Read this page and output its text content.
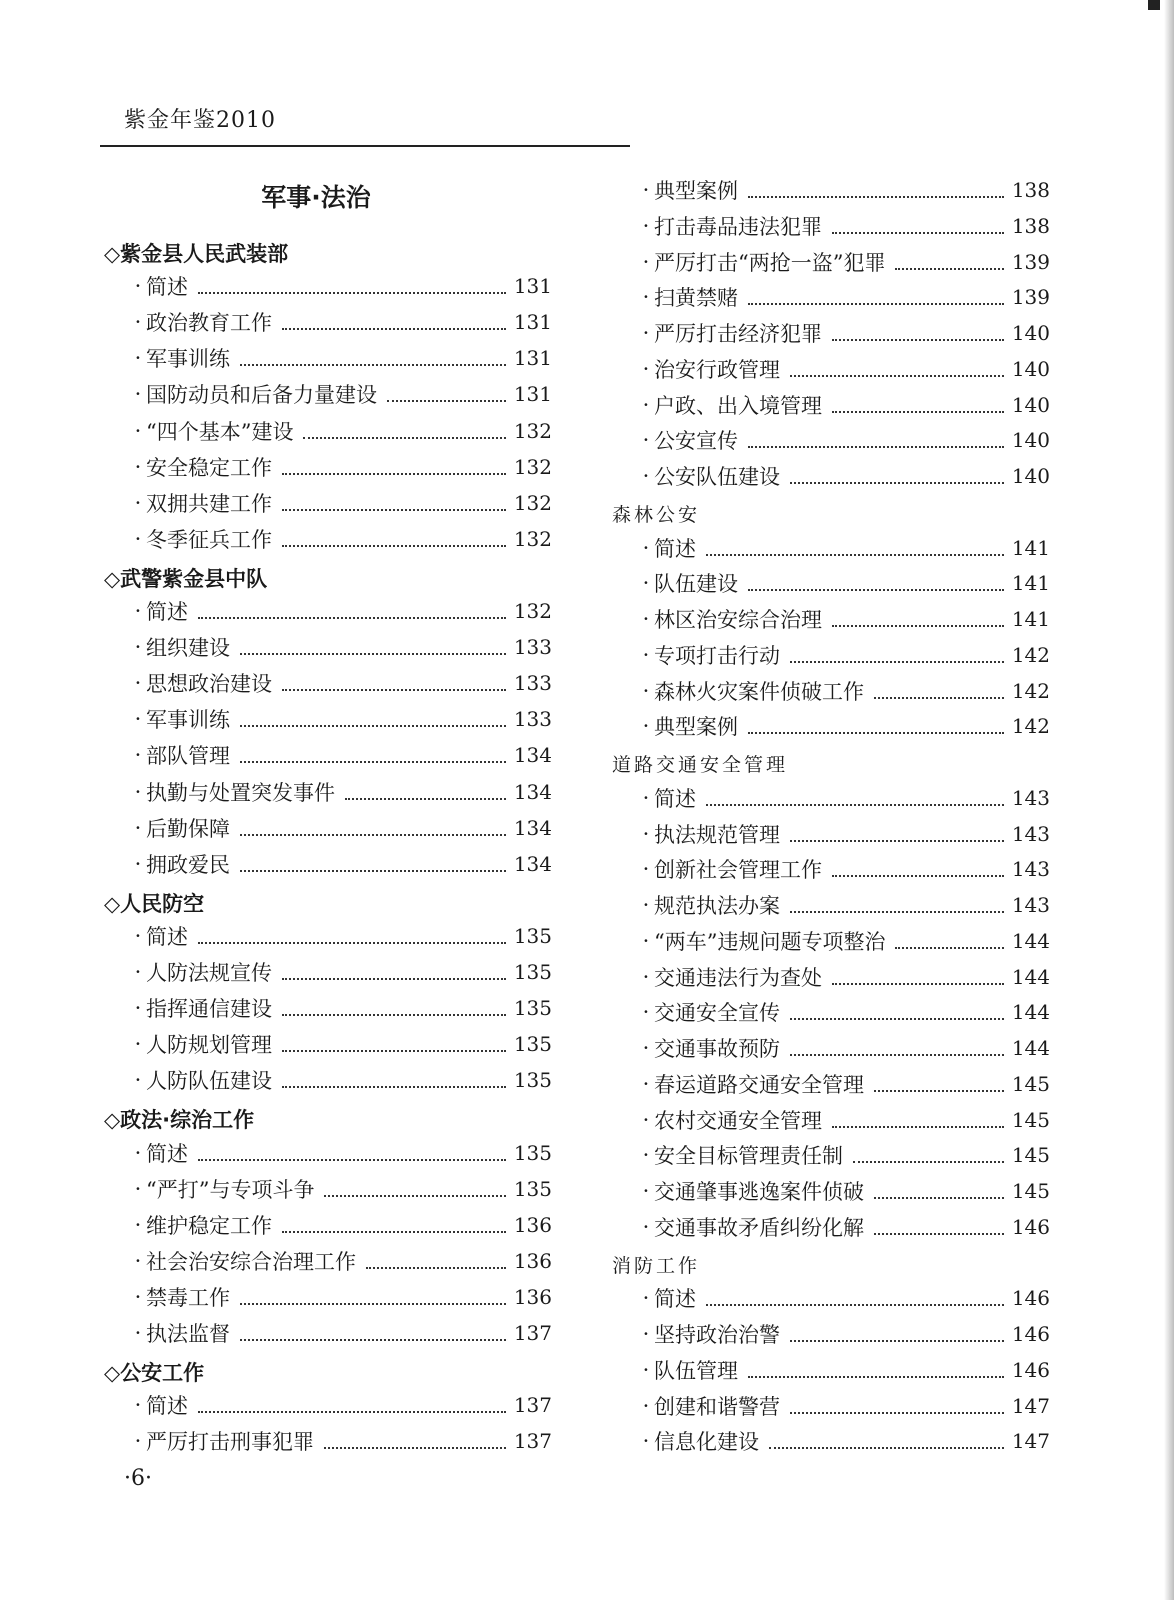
紫金年鉴2010
◇紫金县人民武装部
· 简述	131
· 政治教育工作	131
· 军事训练	131
· 国防动员和后备力量建设	131
· “四个基本”建设	132
· 安全稳定工作	132
· 双拥共建工作	132
· 冬季征兵工作	132
◇武警紫金县中队
· 简述	132
· 组织建设	133
· 思想政治建设	133
· 军事训练	133
· 部队管理	134
· 执勤与处置突发事件	134
· 后勤保障	134
· 拥政爱民	134
◇人民防空
· 简述	135
· 人防法规宣传	135
· 指挥通信建设	135
· 人防规划管理	135
· 人防队伍建设	135
◇政法·综治工作
· 简述	135
· “严打”与专项斗争	135
· 维护稳定工作	136
· 社会治安综合治理工作	136
· 禁毒工作	136
· 执法监督	137
◇公安工作
· 简述	137
· 严厉打击刑事犯罪	137
· 典型案例	138
· 打击毒品违法犯罪	138
· 严厉打击“两抢一盗”犯罪	139
· 扫黄禁赌	139
· 严厉打击经济犯罪	140
· 治安行政管理	140
· 户政、出入境管理	140
· 公安宣传	140
· 公安队伍建设	140
森林公安
· 简述	141
· 队伍建设	141
· 林区治安综合治理	141
· 专项打击行动	142
· 森林火灾案件侦破工作	142
· 典型案例	142
道路交通安全管理
· 简述	143
· 执法规范管理	143
· 创新社会管理工作	143
· 规范执法办案	143
· “两车”违规问题专项整治	144
· 交通违法行为查处	144
· 交通安全宣传	144
· 交通事故预防	144
· 春运道路交通安全管理	145
· 农村交通安全管理	145
· 安全目标管理责任制	145
· 交通肇事逃逸案件侦破	145
· 交通事故矛盾纠纷化解	146
消防工作
· 简述	146
· 坚持政治治警	146
· 队伍管理	146
· 创建和谐警营	147
· 信息化建设	147
军事·法治
·6·
